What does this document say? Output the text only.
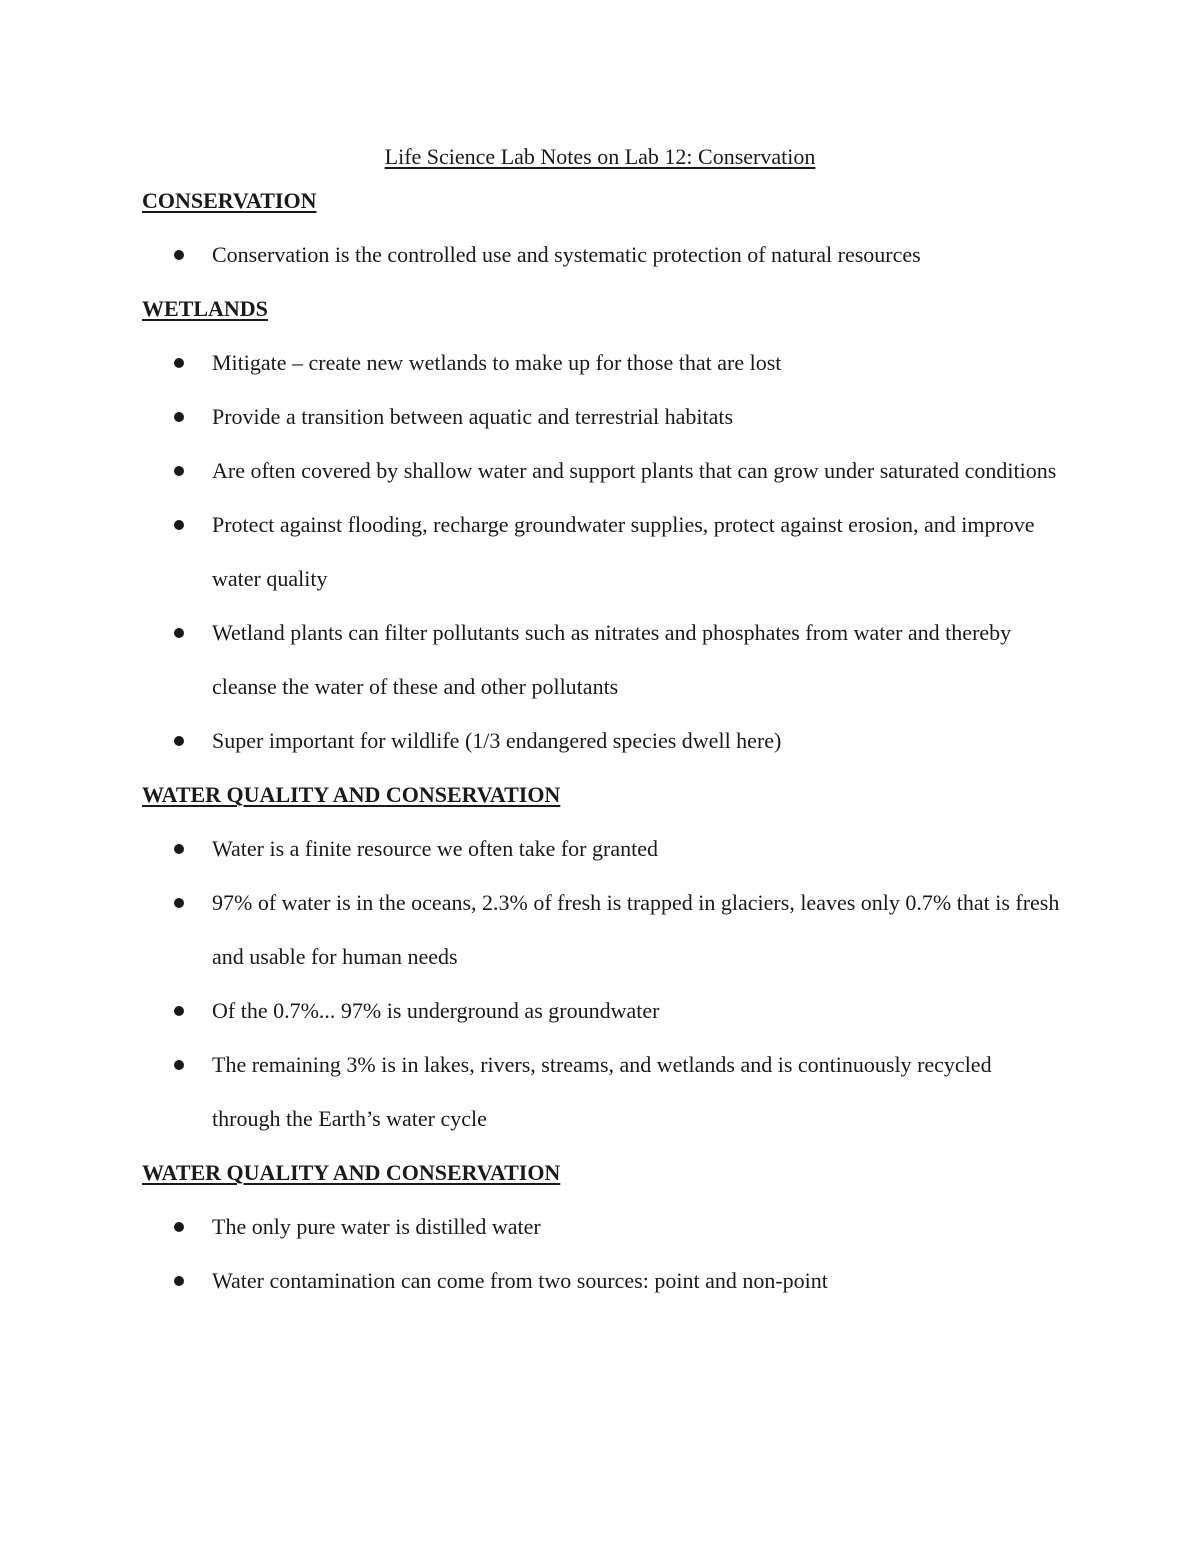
Life Science Lab Notes on Lab 12: Conservation
CONSERVATION
Conservation is the controlled use and systematic protection of natural resources
WETLANDS
Mitigate – create new wetlands to make up for those that are lost
Provide a transition between aquatic and terrestrial habitats
Are often covered by shallow water and support plants that can grow under saturated conditions
Protect against flooding, recharge groundwater supplies, protect against erosion, and improve water quality
Wetland plants can filter pollutants such as nitrates and phosphates from water and thereby cleanse the water of these and other pollutants
Super important for wildlife (1/3 endangered species dwell here)
WATER QUALITY AND CONSERVATION
Water is a finite resource we often take for granted
97% of water is in the oceans, 2.3% of fresh is trapped in glaciers, leaves only 0.7% that is fresh and usable for human needs
Of the 0.7%... 97% is underground as groundwater
The remaining 3% is in lakes, rivers, streams, and wetlands and is continuously recycled through the Earth’s water cycle
WATER QUALITY AND CONSERVATION
The only pure water is distilled water
Water contamination can come from two sources: point and non-point
